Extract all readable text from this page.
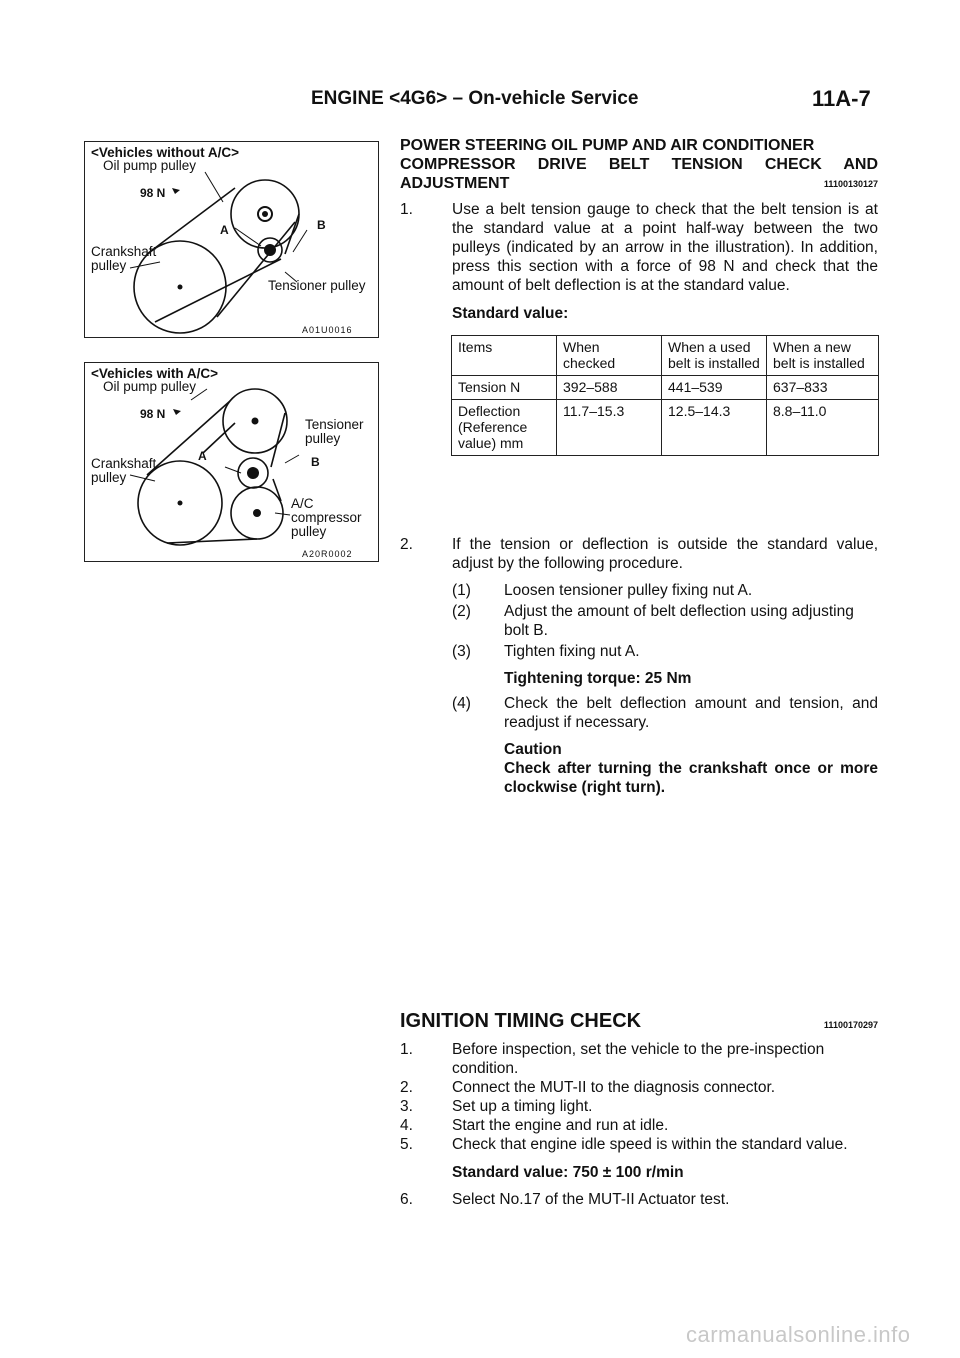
ENGINE <4G6> – On-vehicle Service	11A-7
<Vehicles without A/C>
Oil pump pulley
98 N
A	B
Crankshaft
pulley
Tensioner pulley
A01U0016
<Vehicles with A/C>
Oil pump pulley
98 N
Tensioner
pulley
A	B
Crankshaft
pulley
A/C
compressor
pulley
A20R0002
POWER STEERING OIL PUMP AND AIR CONDITIONER
COMPRESSOR DRIVE BELT TENSION CHECK AND
ADJUSTMENT	11100130127
1.	Use a belt tension gauge to check that the belt tension is at the standard value at a point half-way between the two pulleys (indicated by an arrow in the illustration). In addition, press this section with a force of 98 N and check that the amount of belt deflection is at the standard value.
Standard value:
Items	When checked	When a used belt is installed	When a new belt is installed
Tension N	392–588	441–539	637–833
Deflection (Reference value) mm	11.7–15.3	12.5–14.3	8.8–11.0
2.	If the tension or deflection is outside the standard value, adjust by the following procedure.
(1) Loosen tensioner pulley fixing nut A.
(2) Adjust the amount of belt deflection using adjusting bolt B.
(3) Tighten fixing nut A.
Tightening torque: 25 Nm
(4) Check the belt deflection amount and tension, and readjust if necessary.
Caution
Check after turning the crankshaft once or more clockwise (right turn).
IGNITION TIMING CHECK	11100170297
1.	Before inspection, set the vehicle to the pre-inspection condition.
2.	Connect the MUT-II to the diagnosis connector.
3.	Set up a timing light.
4.	Start the engine and run at idle.
5.	Check that engine idle speed is within the standard value.
Standard value: 750 ± 100 r/min
6.	Select No.17 of the MUT-II Actuator test.
carmanualsonline.info
